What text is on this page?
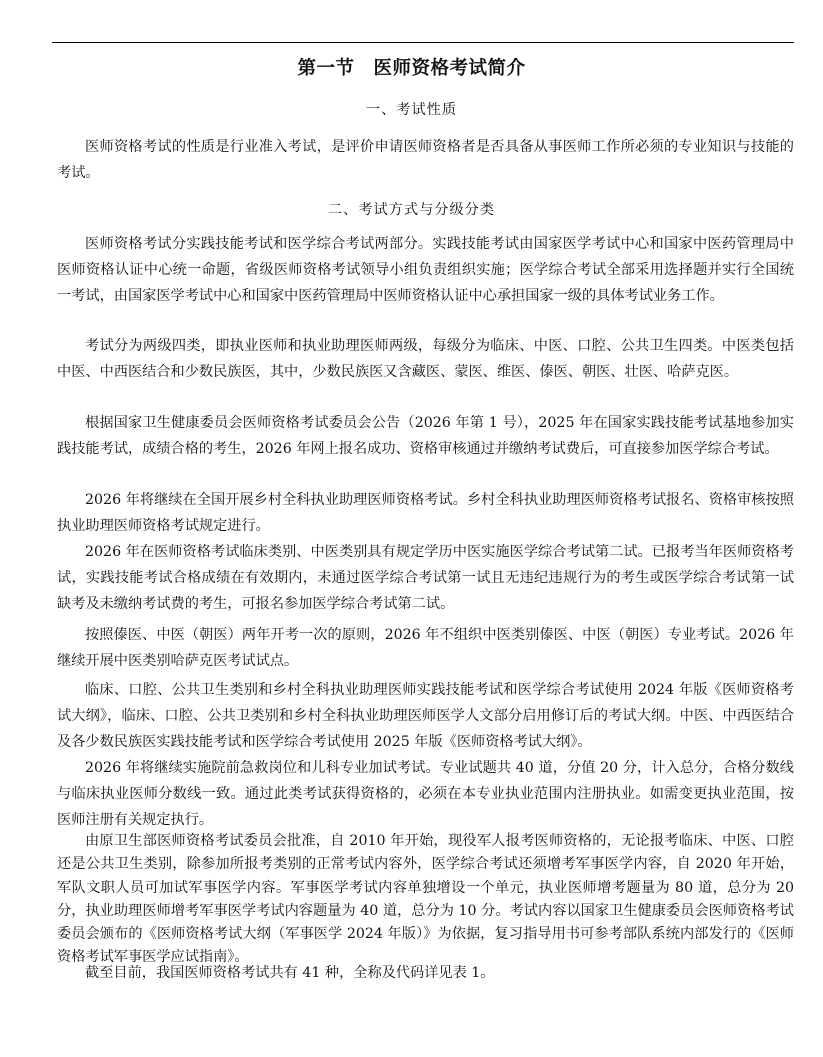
第一节　医师资格考试简介
一、考试性质

医师资格考试的性质是行业准入考试，是评价申请医师资格者是否具备从事医师工作所必须的专业知识与技能的考试。

二、考试方式与分级分类

医师资格考试分实践技能考试和医学综合考试两部分。实践技能考试由国家医学考试中心和国家中医药管理局中医师资格认证中心统一命题，省级医师资格考试领导小组负责组织实施；医学综合考试全部采用选择题并实行全国统一考试，由国家医学考试中心和国家中医药管理局中医师资格认证中心承担国家一级的具体考试业务工作。

考试分为两级四类，即执业医师和执业助理医师两级，每级分为临床、中医、口腔、公共卫生四类。中医类包括中医、中西医结合和少数民族医，其中，少数民族医又含藏医、蒙医、维医、傣医、朝医、壮医、哈萨克医。

根据国家卫生健康委员会医师资格考试委员会公告（2026 年第 1 号），2025 年在国家实践技能考试基地参加实践技能考试，成绩合格的考生，2026 年网上报名成功、资格审核通过并缴纳考试费后，可直接参加医学综合考试。

2026 年将继续在全国开展乡村全科执业助理医师资格考试。乡村全科执业助理医师资格考试报名、资格审核按照执业助理医师资格考试规定进行。

2026 年在医师资格考试临床类别、中医类别具有规定学历中医实施医学综合考试第二试。已报考当年医师资格考试，实践技能考试合格成绩在有效期内，未通过医学综合考试第一试且无违纪违规行为的考生或医学综合考试第一试缺考及未缴纳考试费的考生，可报名参加医学综合考试第二试。

按照傣医、中医（朝医）两年开考一次的原则，2026 年不组织中医类别傣医、中医（朝医）专业考试。2026 年继续开展中医类别哈萨克医考试试点。

临床、口腔、公共卫生类别和乡村全科执业助理医师实践技能考试和医学综合考试使用 2024 年版《医师资格考试大纲》，临床、口腔、公共卫类别和乡村全科执业助理医师医学人文部分启用修订后的考试大纲。中医、中西医结合及各少数民族医实践技能考试和医学综合考试使用 2025 年版《医师资格考试大纲》。

2026 年将继续实施院前急救岗位和儿科专业加试考试。专业试题共 40 道，分值 20 分，计入总分，合格分数线与临床执业医师分数线一致。通过此类考试获得资格的，必须在本专业执业范围内注册执业。如需变更执业范围，按医师注册有关规定执行。

由原卫生部医师资格考试委员会批准，自 2010 年开始，现役军人报考医师资格的，无论报考临床、中医、口腔还是公共卫生类别，除参加所报考类别的正常考试内容外，医学综合考试还须增考军事医学内容，自 2020 年开始，军队文职人员可加试军事医学内容。军事医学考试内容单独增设一个单元，执业医师增考题量为 80 道，总分为 20 分，执业助理医师增考军事医学考试内容题量为 40 道，总分为 10 分。考试内容以国家卫生健康委员会医师资格考试委员会颁布的《医师资格考试大纲（军事医学 2024 年版）》为依据，复习指导用书可参考部队系统内部发行的《医师资格考试军事医学应试指南》。

截至目前，我国医师资格考试共有 41 种，全称及代码详见表 1。
